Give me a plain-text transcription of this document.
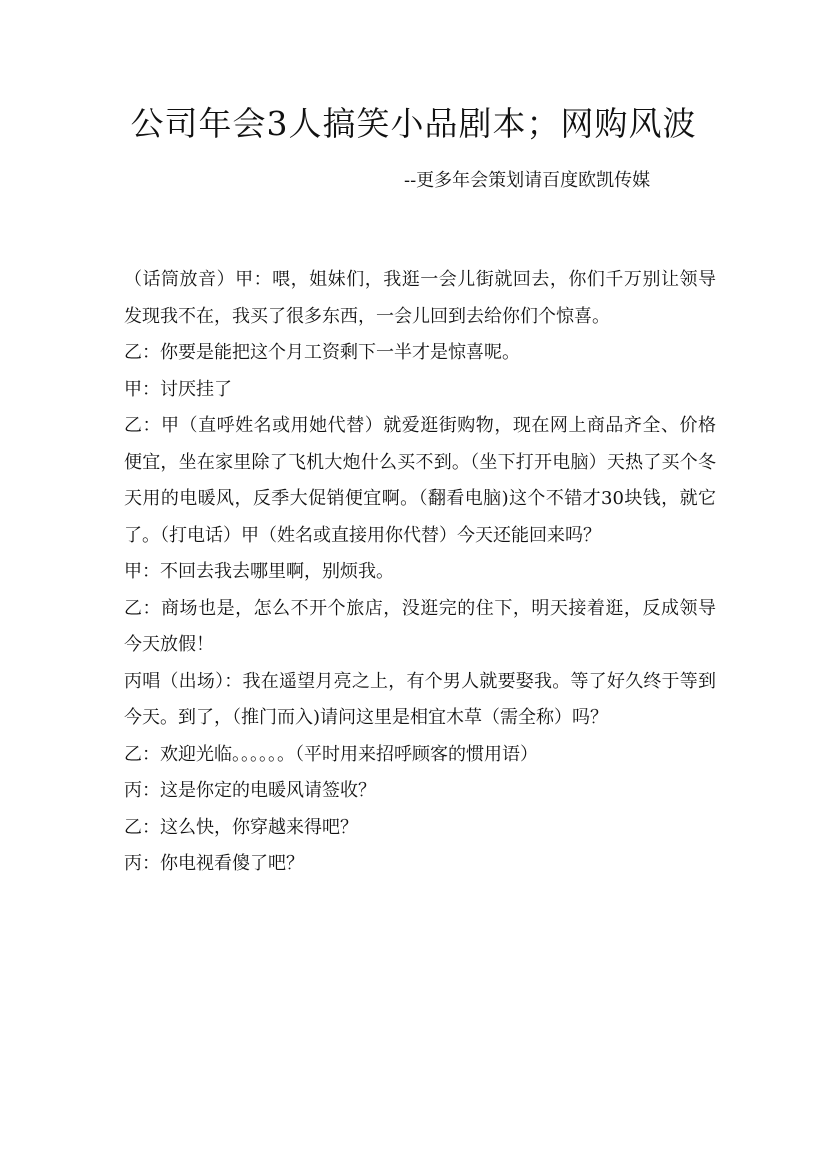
公司年会3人搞笑小品剧本；网购风波

--更多年会策划请百度欧凯传媒

（话筒放音）甲：喂，姐妹们，我逛一会儿街就回去，你们千万别让领导发现我不在，我买了很多东西，一会儿回到去给你们个惊喜。

乙：你要是能把这个月工资剩下一半才是惊喜呢。

甲：讨厌挂了

乙：甲（直呼姓名或用她代替）就爱逛街购物，现在网上商品齐全、价格便宜，坐在家里除了飞机大炮什么买不到。（坐下打开电脑）天热了买个冬天用的电暖风，反季大促销便宜啊。（翻看电脑)这个不错才30块钱，就它了。（打电话）甲（姓名或直接用你代替）今天还能回来吗？

甲：不回去我去哪里啊，别烦我。

乙：商场也是，怎么不开个旅店，没逛完的住下，明天接着逛，反成领导今天放假！

丙唱（出场）：我在遥望月亮之上，有个男人就要娶我。等了好久终于等到今天。到了，（推门而入)请问这里是相宜木草（需全称）吗？

乙：欢迎光临。。。。。。（平时用来招呼顾客的惯用语）

丙：这是你定的电暖风请签收？

乙：这么快，你穿越来得吧？

丙：你电视看傻了吧？
